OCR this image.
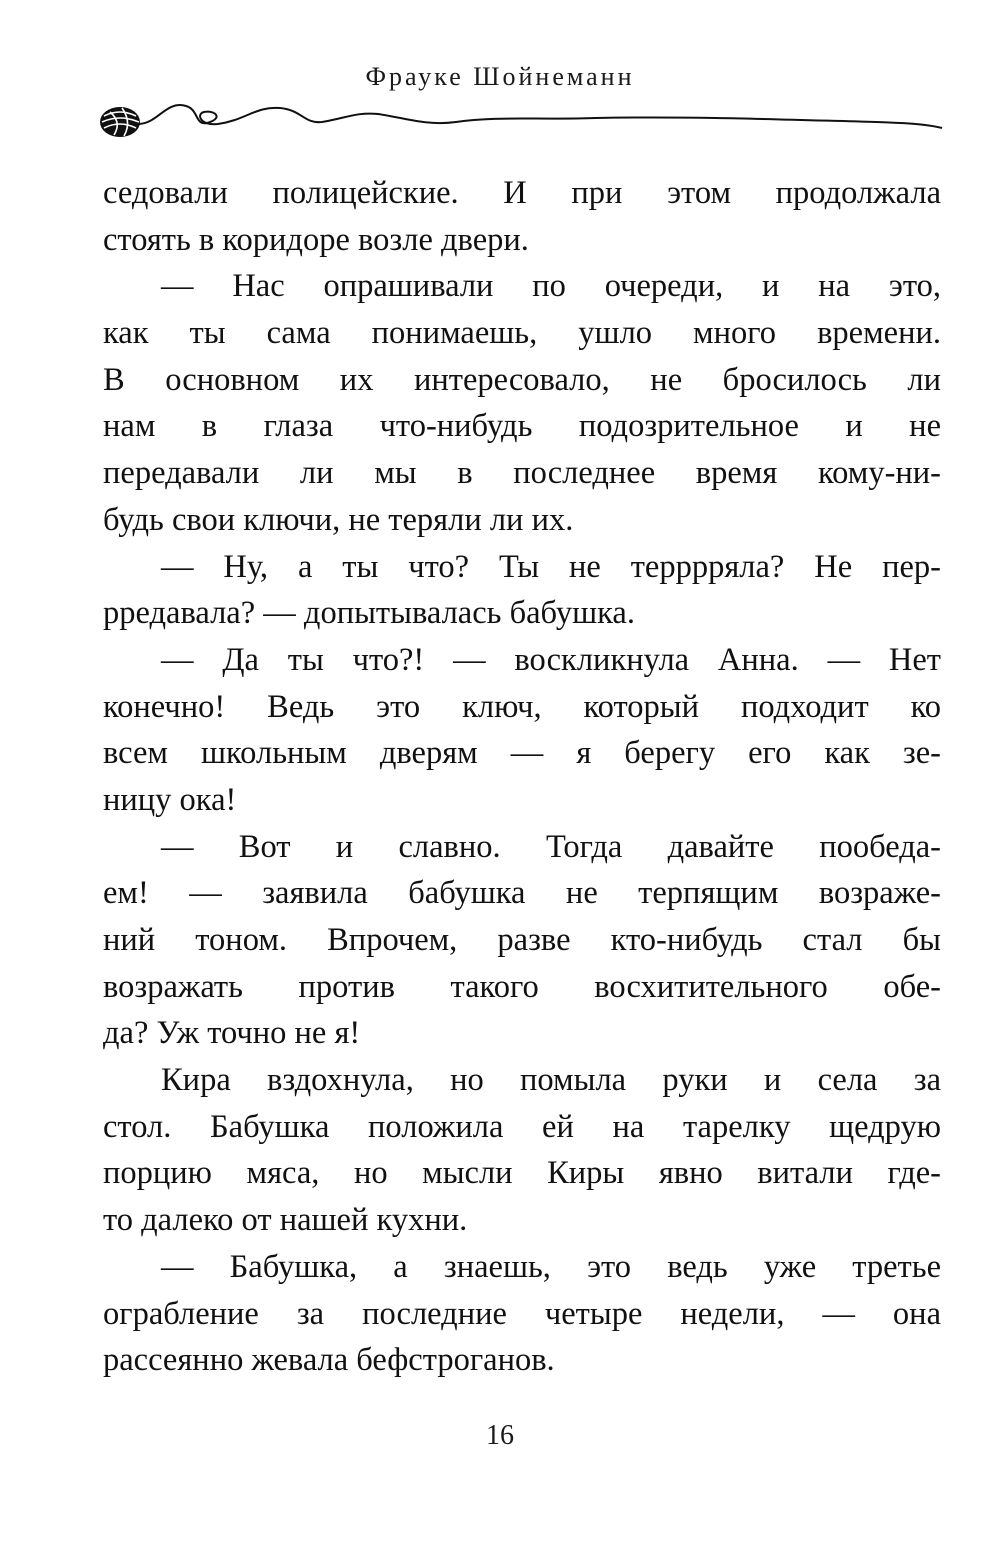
Фрауке Шойнеманн
седовали полицейские. И при этом продолжала
стоять в коридоре возле двери.
— Нас опрашивали по очереди, и на это,
как ты сама понимаешь, ушло много времени.
В основном их интересовало, не бросилось ли
нам в глаза что-нибудь подозрительное и не
передавали ли мы в последнее время кому-ни-
будь свои ключи, не теряли ли их.
— Ну, а ты что? Ты не терррряла? Не пер-
рредавала? — допытывалась бабушка.
— Да ты что?! — воскликнула Анна. — Нет
конечно! Ведь это ключ, который подходит ко
всем школьным дверям — я берегу его как зе-
ницу ока!
— Вот и славно. Тогда давайте пообеда-
ем! — заявила бабушка не терпящим возраже-
ний тоном. Впрочем, разве кто-нибудь стал бы
возражать против такого восхитительного обе-
да? Уж точно не я!
Кира вздохнула, но помыла руки и села за
стол. Бабушка положила ей на тарелку щедрую
порцию мяса, но мысли Киры явно витали где-
то далеко от нашей кухни.
— Бабушка, а знаешь, это ведь уже третье
ограбление за последние четыре недели, — она
рассеянно жевала бефстроганов.
16
